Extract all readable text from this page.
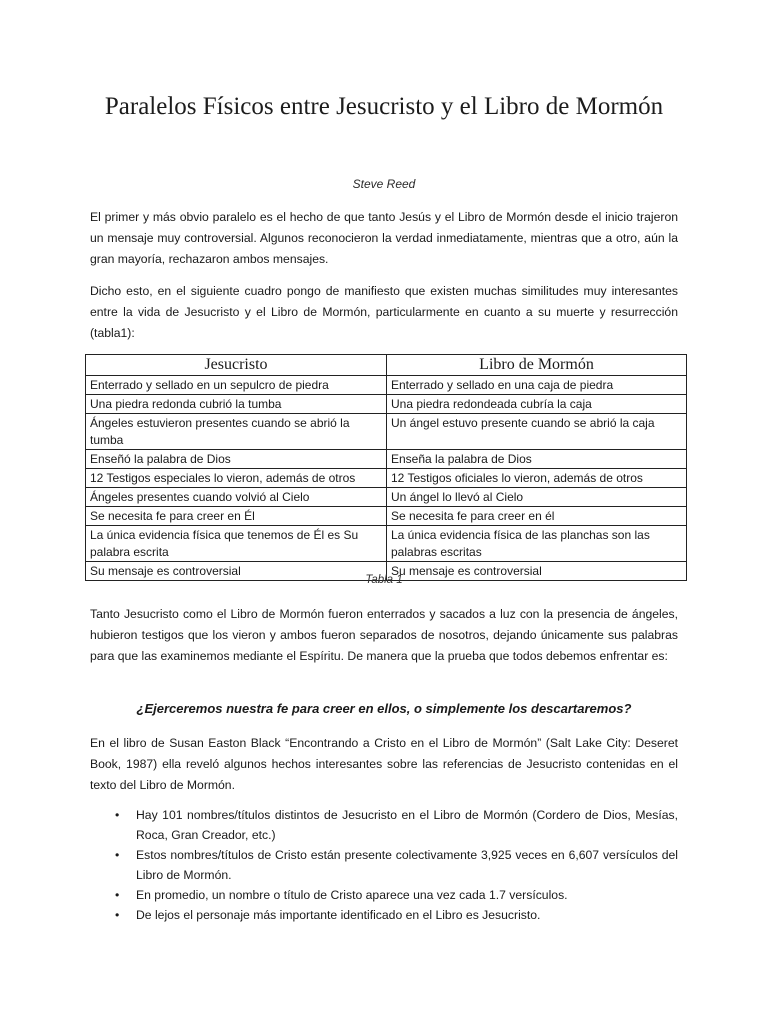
Paralelos Físicos entre Jesucristo y el Libro de Mormón
Steve Reed
El primer y más obvio paralelo es el hecho de que tanto Jesús y el Libro de Mormón desde el inicio trajeron un mensaje muy controversial. Algunos reconocieron la verdad inmediatamente, mientras que a otro, aún la gran mayoría, rechazaron ambos mensajes.
Dicho esto, en el siguiente cuadro pongo de manifiesto que existen muchas similitudes muy interesantes entre la vida de Jesucristo y el Libro de Mormón, particularmente en cuanto a su muerte y resurrección (tabla1):
Jesucristo	Libro de Mormón
Enterrado y sellado en un sepulcro de piedra	Enterrado y sellado en una caja de piedra
Una piedra redonda cubrió la tumba	Una piedra redondeada cubría la caja
Ángeles estuvieron presentes cuando se abrió la tumba	Un ángel estuvo presente cuando se abrió la caja
Enseñó la palabra de Dios	Enseña la palabra de Dios
12 Testigos especiales lo vieron, además de otros	12 Testigos oficiales lo vieron, además de otros
Ángeles presentes cuando volvió al Cielo	Un ángel lo llevó al Cielo
Se necesita fe para creer en Él	Se necesita fe para creer en él
La única evidencia física que tenemos de Él es Su palabra escrita	La única evidencia física de las planchas son las palabras escritas
Su mensaje es controversial	Su mensaje es controversial
Tabla 1
Tanto Jesucristo como el Libro de Mormón fueron enterrados y sacados a luz con la presencia de ángeles, hubieron testigos que los vieron y ambos fueron separados de nosotros, dejando únicamente sus palabras para que las examinemos mediante el Espíritu. De manera que la prueba que todos debemos enfrentar es:
¿Ejerceremos nuestra fe para creer en ellos, o simplemente los descartaremos?
En el libro de Susan Easton Black “Encontrando a Cristo en el Libro de Mormón” (Salt Lake City: Deseret Book, 1987) ella reveló algunos hechos interesantes sobre las referencias de Jesucristo contenidas en el texto del Libro de Mormón.
• Hay 101 nombres/títulos distintos de Jesucristo en el Libro de Mormón (Cordero de Dios, Mesías, Roca, Gran Creador, etc.)
• Estos nombres/títulos de Cristo están presente colectivamente 3,925 veces en 6,607 versículos del Libro de Mormón.
• En promedio, un nombre o título de Cristo aparece una vez cada 1.7 versículos.
• De lejos el personaje más importante identificado en el Libro es Jesucristo.
